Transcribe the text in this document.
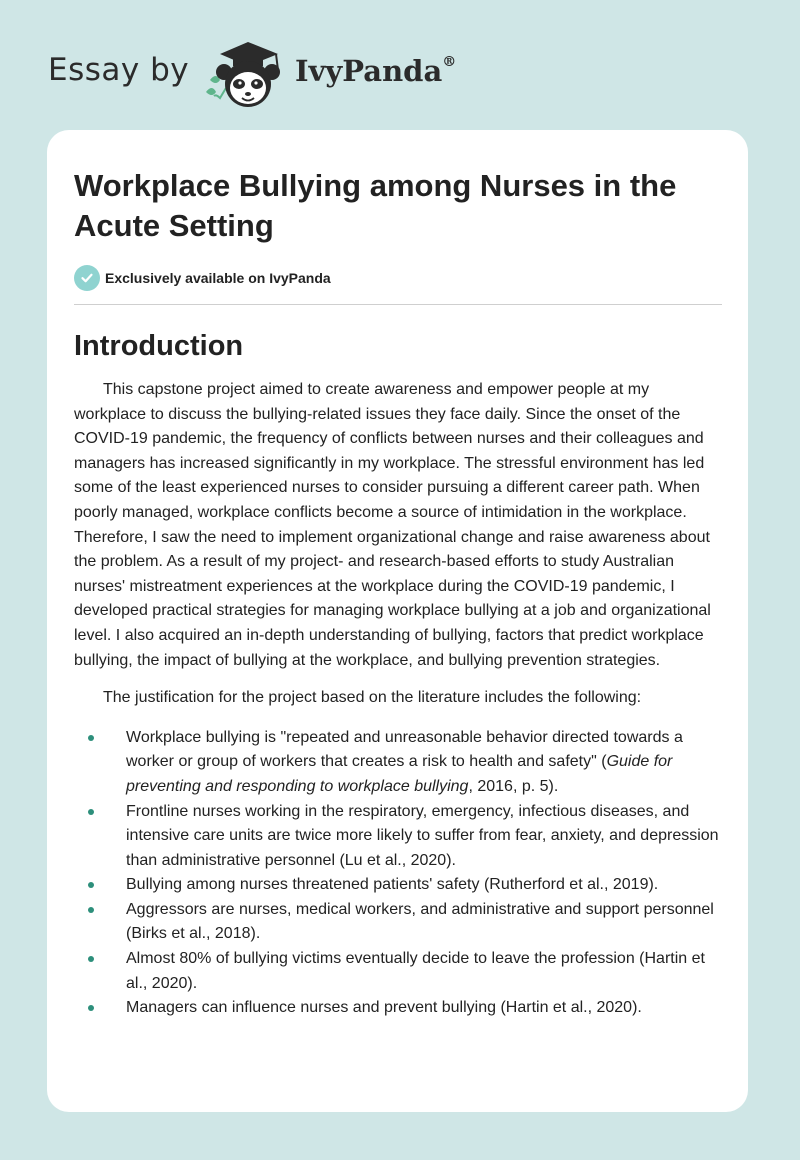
Essay by	IvyPanda®
Workplace Bullying among Nurses in the Acute Setting
Exclusively available on IvyPanda
Introduction

This capstone project aimed to create awareness and empower people at my workplace to discuss the bullying-related issues they face daily. Since the onset of the COVID-19 pandemic, the frequency of conflicts between nurses and their colleagues and managers has increased significantly in my workplace. The stressful environment has led some of the least experienced nurses to consider pursuing a different career path. When poorly managed, workplace conflicts become a source of intimidation in the workplace. Therefore, I saw the need to implement organizational change and raise awareness about the problem. As a result of my project- and research-based efforts to study Australian nurses' mistreatment experiences at the workplace during the COVID-19 pandemic, I developed practical strategies for managing workplace bullying at a job and organizational level. I also acquired an in-depth understanding of bullying, factors that predict workplace bullying, the impact of bullying at the workplace, and bullying prevention strategies.

The justification for the project based on the literature includes the following:

Workplace bullying is "repeated and unreasonable behavior directed towards a worker or group of workers that creates a risk to health and safety" (Guide for preventing and responding to workplace bullying, 2016, p. 5).
Frontline nurses working in the respiratory, emergency, infectious diseases, and intensive care units are twice more likely to suffer from fear, anxiety, and depression than administrative personnel (Lu et al., 2020).
Bullying among nurses threatened patients' safety (Rutherford et al., 2019).
Aggressors are nurses, medical workers, and administrative and support personnel (Birks et al., 2018).
Almost 80% of bullying victims eventually decide to leave the profession (Hartin et al., 2020).
Managers can influence nurses and prevent bullying (Hartin et al., 2020).
